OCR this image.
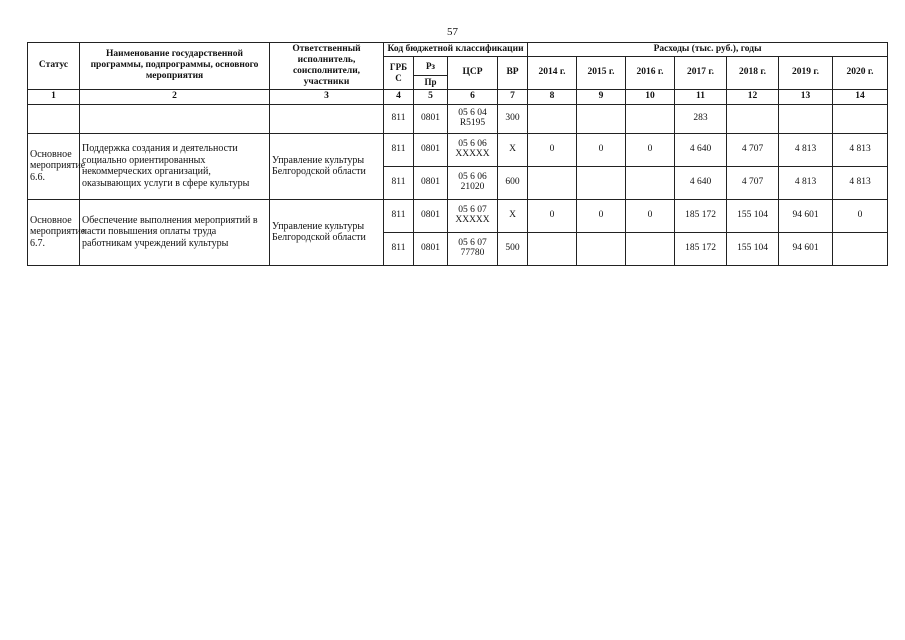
57
Статус	Наименование государственной программы, подпрограммы, основного мероприятия	Ответственный исполнитель, соисполнители, участники	Код бюджетной классификации				Расходы (тыс. руб.), годы						
			ГРБ С	Рз	ЦСР	ВР	2014 г.	2015 г.	2016 г.	2017 г.	2018 г.	2019 г.	2020 г.
				Пр									
1	2	3	4	5	6	7	8	9	10	11	12	13	14
			811	0801	05 6 04 R5195	300				283			
Основное мероприятие 6.6.	Поддержка создания и деятельности социально ориентированных некоммерческих организаций, оказывающих услуги в сфере культуры	Управление культуры Белгородской области	811	0801	05 6 06 XXXXX	X	0	0	0	4 640	4 707	4 813	4 813
			811	0801	05 6 06 21020	600				4 640	4 707	4 813	4 813
Основное мероприятие 6.7.	Обеспечение выполнения мероприятий в части повышения оплаты труда работникам учреждений культуры	Управление культуры Белгородской области	811	0801	05 6 07 XXXXX	X	0	0	0	185 172	155 104	94 601	0
			811	0801	05 6 07 77780	500				185 172	155 104	94 601	
